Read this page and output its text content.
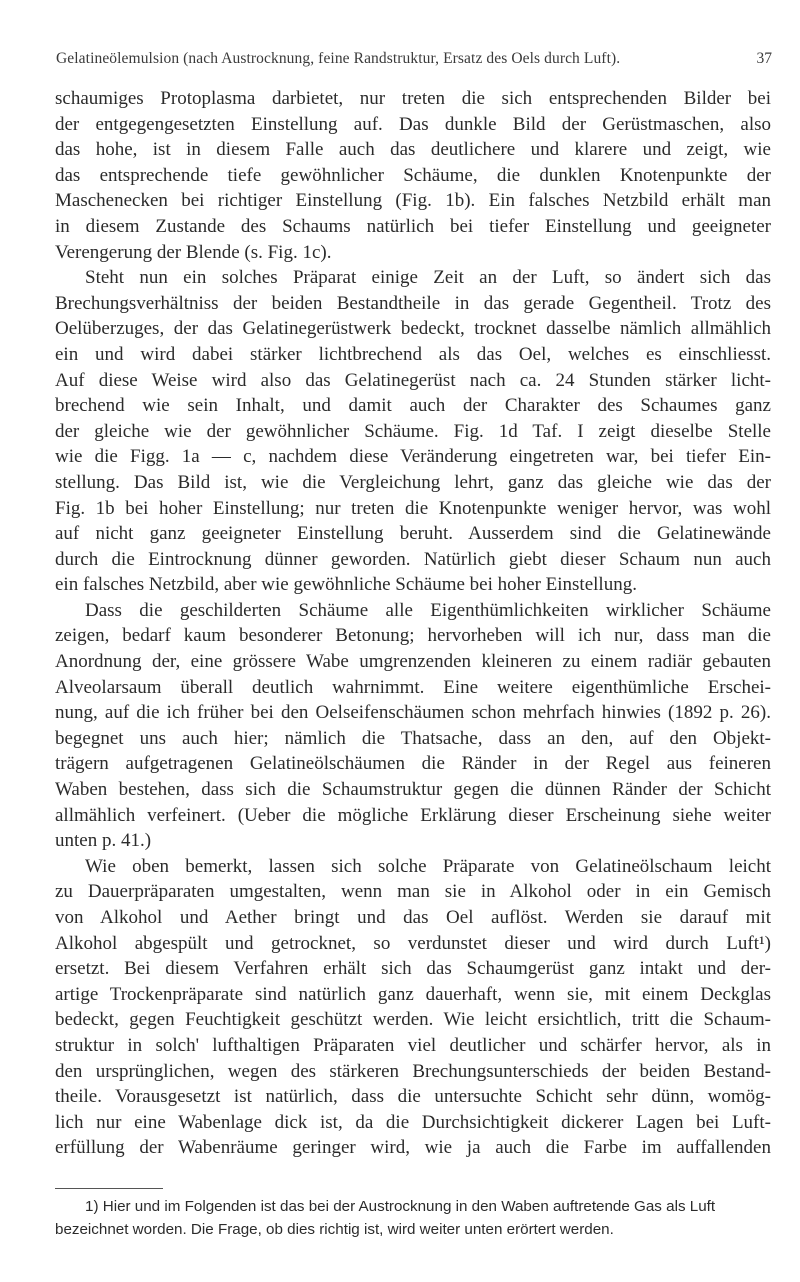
Gelatineölemulsion (nach Austrocknung, feine Randstruktur, Ersatz des Oels durch Luft).	37
schaumiges Protoplasma darbietet, nur treten die sich entsprechenden Bilder bei
der entgegengesetzten Einstellung auf. Das dunkle Bild der Gerüstmaschen, also
das hohe, ist in diesem Falle auch das deutlichere und klarere und zeigt, wie
das entsprechende tiefe gewöhnlicher Schäume, die dunklen Knotenpunkte der
Maschenecken bei richtiger Einstellung (Fig. 1b). Ein falsches Netzbild erhält man
in diesem Zustande des Schaums natürlich bei tiefer Einstellung und geeigneter
Verengerung der Blende (s. Fig. 1c).
Steht nun ein solches Präparat einige Zeit an der Luft, so ändert sich das
Brechungsverhältniss der beiden Bestandtheile in das gerade Gegentheil. Trotz des
Oelüberzuges, der das Gelatinegerüstwerk bedeckt, trocknet dasselbe nämlich allmählich
ein und wird dabei stärker lichtbrechend als das Oel, welches es einschliesst.
Auf diese Weise wird also das Gelatinegerüst nach ca. 24 Stunden stärker licht-
brechend wie sein Inhalt, und damit auch der Charakter des Schaumes ganz
der gleiche wie der gewöhnlicher Schäume. Fig. 1d Taf. I zeigt dieselbe Stelle
wie die Figg. 1a — c, nachdem diese Veränderung eingetreten war, bei tiefer Ein-
stellung. Das Bild ist, wie die Vergleichung lehrt, ganz das gleiche wie das der
Fig. 1b bei hoher Einstellung; nur treten die Knotenpunkte weniger hervor, was wohl
auf nicht ganz geeigneter Einstellung beruht. Ausserdem sind die Gelatinewände
durch die Eintrocknung dünner geworden. Natürlich giebt dieser Schaum nun auch
ein falsches Netzbild, aber wie gewöhnliche Schäume bei hoher Einstellung.
Dass die geschilderten Schäume alle Eigenthümlichkeiten wirklicher Schäume
zeigen, bedarf kaum besonderer Betonung; hervorheben will ich nur, dass man die
Anordnung der, eine grössere Wabe umgrenzenden kleineren zu einem radiär gebauten
Alveolarsaum überall deutlich wahrnimmt. Eine weitere eigenthümliche Erschei-
nung, auf die ich früher bei den Oelseifenschäumen schon mehrfach hinwies (1892 p. 26).
begegnet uns auch hier; nämlich die Thatsache, dass an den, auf den Objekt-
trägern aufgetragenen Gelatineölschäumen die Ränder in der Regel aus feineren
Waben bestehen, dass sich die Schaumstruktur gegen die dünnen Ränder der Schicht
allmählich verfeinert. (Ueber die mögliche Erklärung dieser Erscheinung siehe weiter
unten p. 41.)
Wie oben bemerkt, lassen sich solche Präparate von Gelatineölschaum leicht
zu Dauerpräparaten umgestalten, wenn man sie in Alkohol oder in ein Gemisch
von Alkohol und Aether bringt und das Oel auflöst. Werden sie darauf mit
Alkohol abgespült und getrocknet, so verdunstet dieser und wird durch Luft¹)
ersetzt. Bei diesem Verfahren erhält sich das Schaumgerüst ganz intakt und der-
artige Trockenpräparate sind natürlich ganz dauerhaft, wenn sie, mit einem Deckglas
bedeckt, gegen Feuchtigkeit geschützt werden. Wie leicht ersichtlich, tritt die Schaum-
struktur in solch' lufthaltigen Präparaten viel deutlicher und schärfer hervor, als in
den ursprünglichen, wegen des stärkeren Brechungsunterschieds der beiden Bestand-
theile. Vorausgesetzt ist natürlich, dass die untersuchte Schicht sehr dünn, womög-
lich nur eine Wabenlage dick ist, da die Durchsichtigkeit dickerer Lagen bei Luft-
erfüllung der Wabenräume geringer wird, wie ja auch die Farbe im auffallenden
1) Hier und im Folgenden ist das bei der Austrocknung in den Waben auftretende Gas als Luft
bezeichnet worden. Die Frage, ob dies richtig ist, wird weiter unten erörtert werden.
